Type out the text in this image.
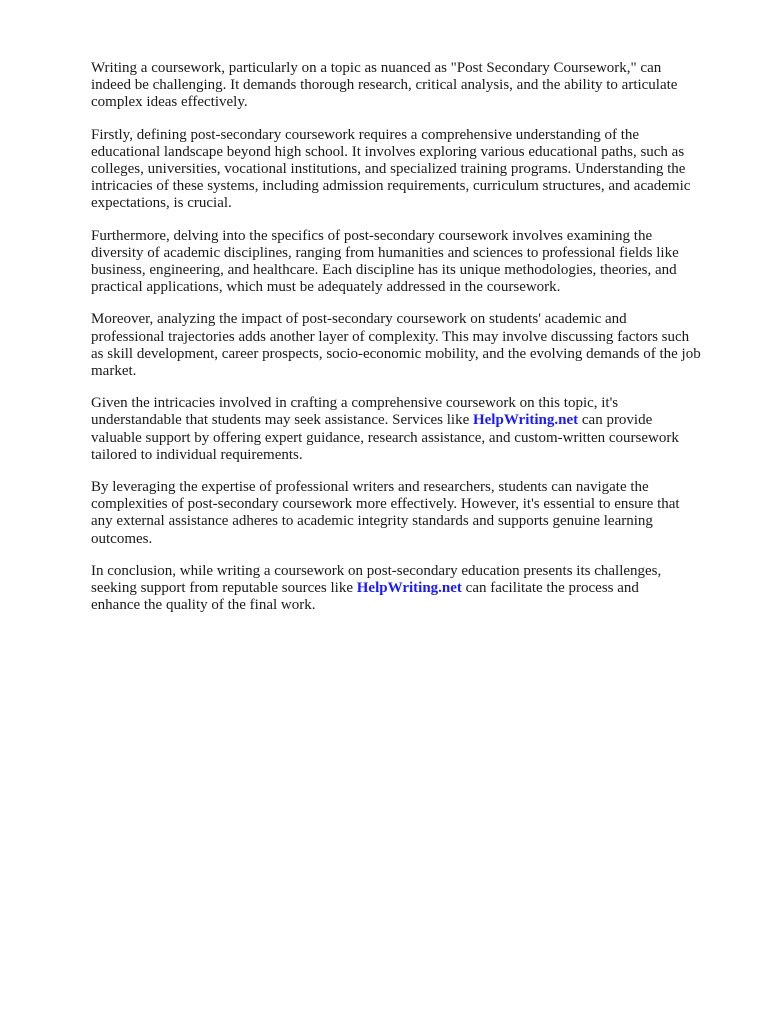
Writing a coursework, particularly on a topic as nuanced as "Post Secondary Coursework," can
indeed be challenging. It demands thorough research, critical analysis, and the ability to articulate
complex ideas effectively.

Firstly, defining post-secondary coursework requires a comprehensive understanding of the
educational landscape beyond high school. It involves exploring various educational paths, such as
colleges, universities, vocational institutions, and specialized training programs. Understanding the
intricacies of these systems, including admission requirements, curriculum structures, and academic
expectations, is crucial.

Furthermore, delving into the specifics of post-secondary coursework involves examining the
diversity of academic disciplines, ranging from humanities and sciences to professional fields like
business, engineering, and healthcare. Each discipline has its unique methodologies, theories, and
practical applications, which must be adequately addressed in the coursework.

Moreover, analyzing the impact of post-secondary coursework on students' academic and
professional trajectories adds another layer of complexity. This may involve discussing factors such
as skill development, career prospects, socio-economic mobility, and the evolving demands of the job
market.

Given the intricacies involved in crafting a comprehensive coursework on this topic, it's
understandable that students may seek assistance. Services like HelpWriting.net can provide
valuable support by offering expert guidance, research assistance, and custom-written coursework
tailored to individual requirements.

By leveraging the expertise of professional writers and researchers, students can navigate the
complexities of post-secondary coursework more effectively. However, it's essential to ensure that
any external assistance adheres to academic integrity standards and supports genuine learning
outcomes.

In conclusion, while writing a coursework on post-secondary education presents its challenges,
seeking support from reputable sources like HelpWriting.net can facilitate the process and
enhance the quality of the final work.
